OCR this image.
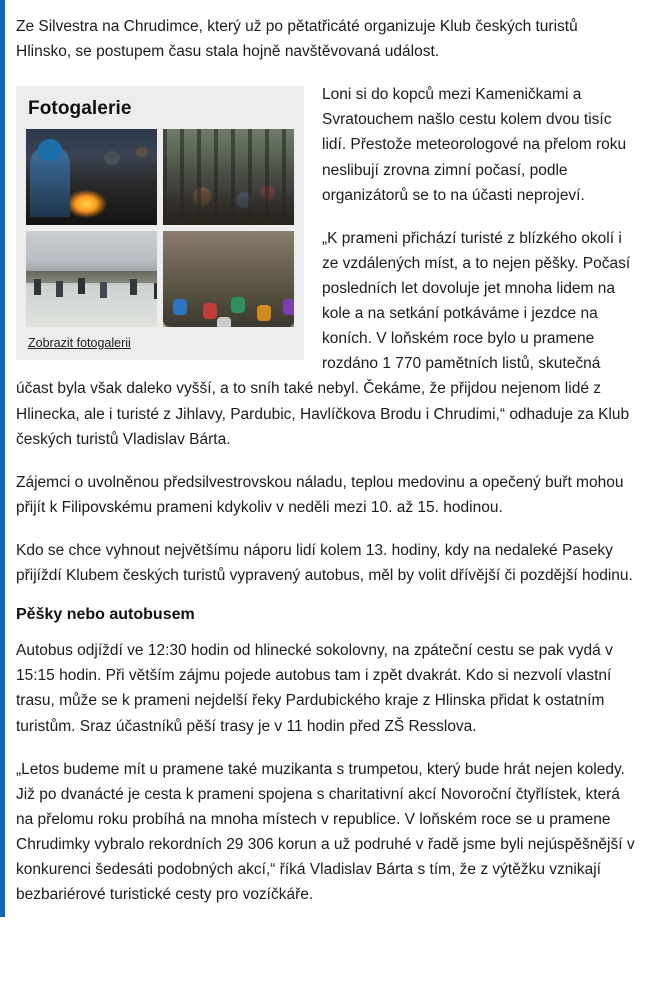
Ze Silvestra na Chrudimce, který už po pětatřicáté organizuje Klub českých turistů Hlinsko, se postupem času stala hojně navštěvovaná událost.

Fotogalerie
Zobrazit fotogalerii

Loni si do kopců mezi Kameničkami a Svratouchem našlo cestu kolem dvou tisíc lidí. Přestože meteorologové na přelom roku neslibují zrovna zimní počasí, podle organizátorů se to na účasti neprojeví.

„K prameni přichází turisté z blízkého okolí i ze vzdálených míst, a to nejen pěšky. Počasí posledních let dovoluje jet mnoha lidem na kole a na setkání potkáváme i jezdce na koních. V loňském roce bylo u pramene rozdáno 1 770 pamětních listů, skutečná účast byla však daleko vyšší, a to sníh také nebyl. Čekáme, že přijdou nejenom lidé z Hlinecka, ale i turisté z Jihlavy, Pardubic, Havlíčkova Brodu i Chrudimi,“ odhaduje za Klub českých turistů Vladislav Bárta.

Zájemci o uvolněnou předsilvestrovskou náladu, teplou medovinu a opečený buřt mohou přijít k Filipovskému prameni kdykoliv v neděli mezi 10. až 15. hodinou.

Kdo se chce vyhnout největšímu náporu lidí kolem 13. hodiny, kdy na nedaleké Paseky přijíždí Klubem českých turistů vypravený autobus, měl by volit dřívější či pozdější hodinu.

Pěšky nebo autobusem

Autobus odjíždí ve 12:30 hodin od hlinecké sokolovny, na zpáteční cestu se pak vydá v 15:15 hodin. Při větším zájmu pojede autobus tam i zpět dvakrát. Kdo si nezvolí vlastní trasu, může se k prameni nejdelší řeky Pardubického kraje z Hlinska přidat k ostatním turistům. Sraz účastníků pěší trasy je v 11 hodin před ZŠ Resslova.

„Letos budeme mít u pramene také muzikanta s trumpetou, který bude hrát nejen koledy. Již po dvanácté je cesta k prameni spojena s charitativní akcí Novoroční čtyřlístek, která na přelomu roku probíhá na mnoha místech v republice. V loňském roce se u pramene Chrudimky vybralo rekordních 29 306 korun a už podruhé v řadě jsme byli nejúspěšnější v konkurenci šedesáti podobných akcí,“ říká Vladislav Bárta s tím, že z výtěžku vznikají bezbariérové turistické cesty pro vozíčkáře.
